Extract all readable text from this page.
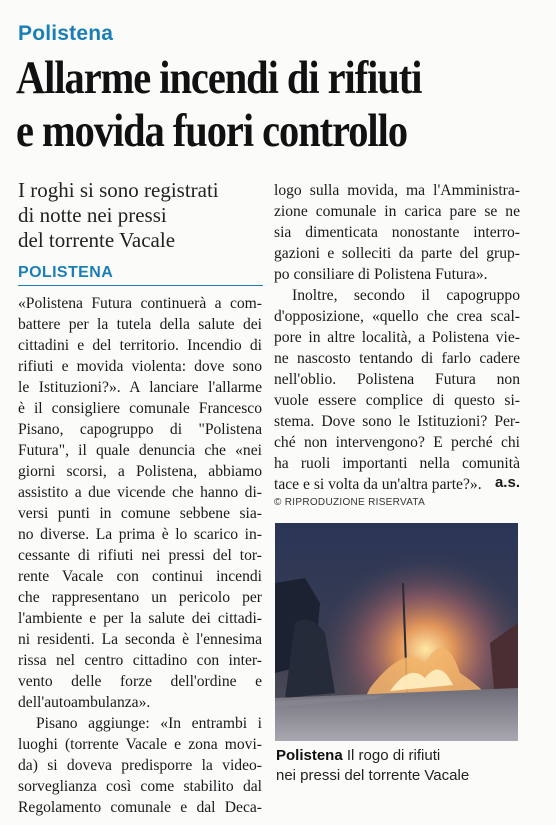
Polistena
Allarme incendi di rifiuti
e movida fuori controllo
I roghi si sono registrati
di notte nei pressi
del torrente Vacale
POLISTENA
«Polistena Futura continuerà a com-
battere per la tutela della salute dei
cittadini e del territorio. Incendio di
rifiuti e movida violenta: dove sono
le Istituzioni?». A lanciare l'allarme
è il consigliere comunale Francesco
Pisano, capogruppo di "Polistena
Futura", il quale denuncia che «nei
giorni scorsi, a Polistena, abbiamo
assistito a due vicende che hanno di-
versi punti in comune sebbene sia-
no diverse. La prima è lo scarico in-
cessante di rifiuti nei pressi del tor-
rente Vacale con continui incendi
che rappresentano un pericolo per
l'ambiente e per la salute dei cittadi-
ni residenti. La seconda è l'ennesima
rissa nel centro cittadino con inter-
vento delle forze dell'ordine e
dell'autoambulanza».
Pisano aggiunge: «In entrambi i
luoghi (torrente Vacale e zona movi-
da) si doveva predisporre la video-
sorveglianza così come stabilito dal
Regolamento comunale e dal Deca-
logo sulla movida, ma l'Amministra-
zione comunale in carica pare se ne
sia dimenticata nonostante interro-
gazioni e solleciti da parte del grup-
po consiliare di Polistena Futura».
Inoltre, secondo il capogruppo
d'opposizione, «quello che crea scal-
pore in altre località, a Polistena vie-
ne nascosto tentando di farlo cadere
nell'oblio. Polistena Futura non
vuole essere complice di questo si-
stema. Dove sono le Istituzioni? Per-
ché non intervengono? E perché chi
ha ruoli importanti nella comunità
tace e si volta da un'altra parte?». a.s.
© RIPRODUZIONE RISERVATA
Polistena Il rogo di rifiuti
nei pressi del torrente Vacale
